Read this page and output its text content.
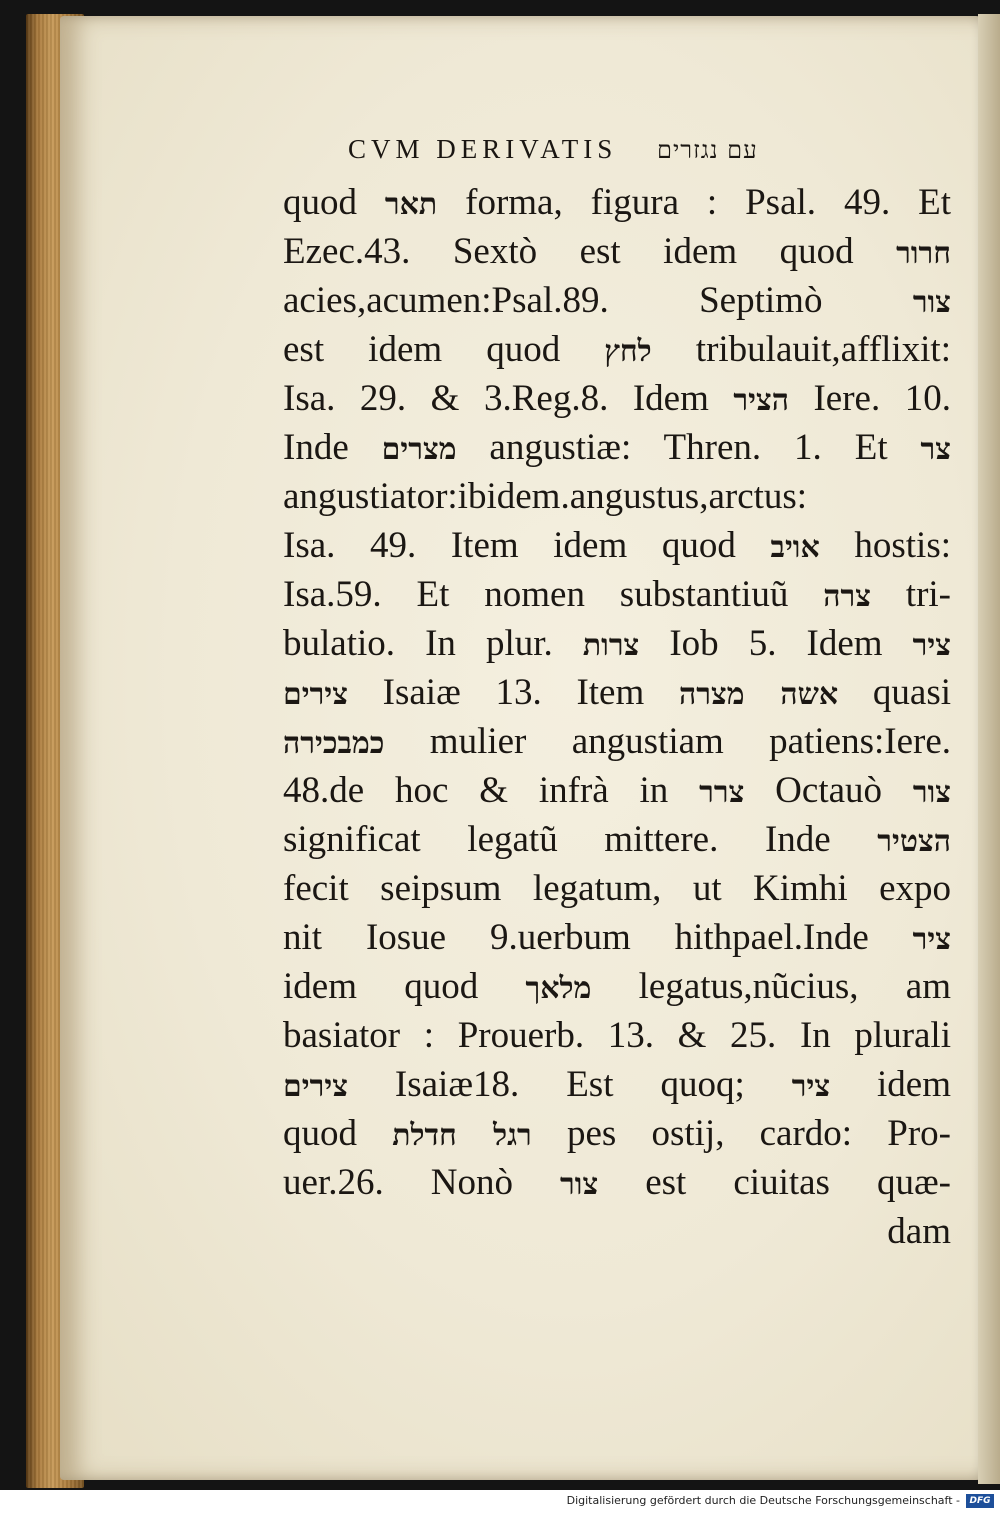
CVM DERIVATIS עם נגזרים
quod תאר forma, figura : Psal. 49. Et
Ezec.43. Sextò est idem quod חרור
acies,acumen:Psal.89. Septimò צור
est idem quod לחץ tribulauit,afflixit:
Isa. 29. & 3.Reg.8. Idem הציר Iere. 10.
Inde מצרים angustiæ: Thren. 1. Et צר
angustiator:ibidem.angustus,arctus:
Isa. 49. Item idem quod אויב hostis:
Isa.59. Et nomen substantiuũ צרה tri-
bulatio. In plur. צרות Iob 5. Idem ציר
צירים Isaiæ 13. Item אשה מצרה quasi
כמבכירה mulier angustiam patiens:Iere.
48.de hoc & infrà in צרר Octauò צור
significat legatũ mittere. Inde הצטיר
fecit seipsum legatum, ut Kimhi expo
nit Iosue 9.uerbum hithpael.Inde ציר
idem quod מלאך legatus,nũcius, am
basiator : Prouerb. 13. & 25. In plurali
צירים Isaiæ18. Est quoq; ציר idem
quod רגל חדלת pes ostij, cardo: Pro-
uer.26. Nonò צור est ciuitas quæ-
dam
Digitalisierung gefördert durch die Deutsche Forschungsgemeinschaft -	DFG
